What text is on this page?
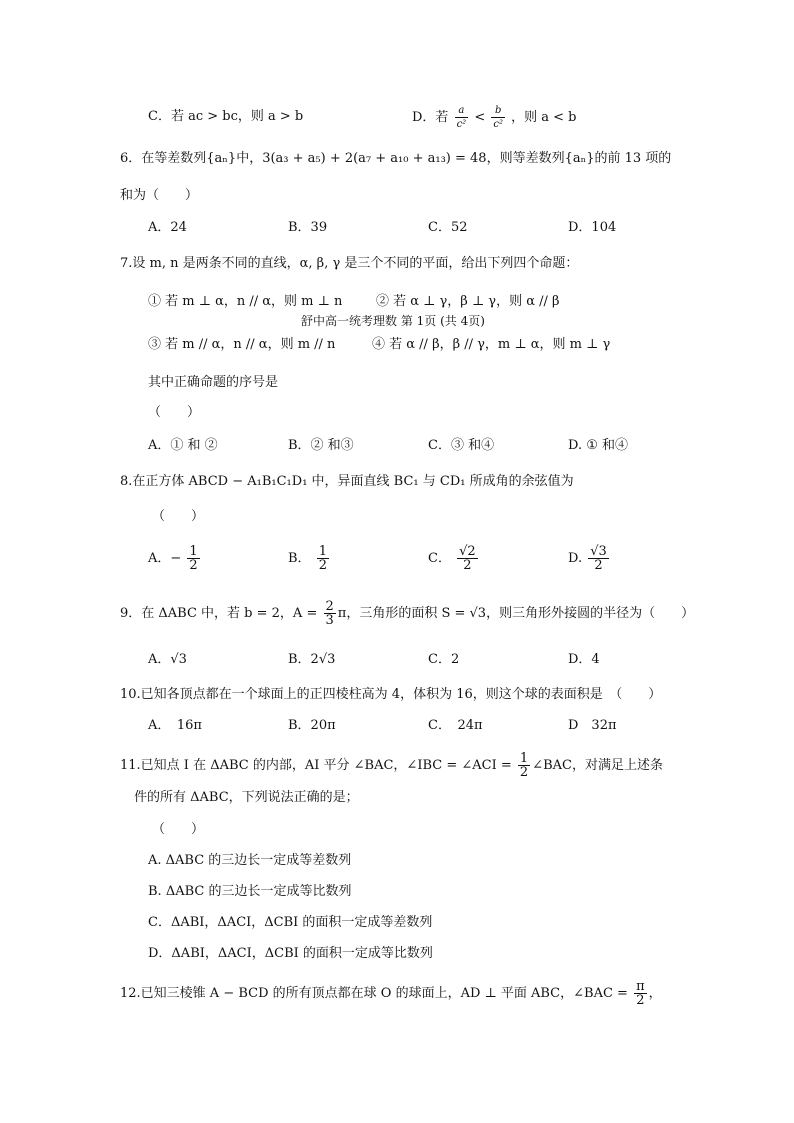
C．若 ac > bc，则 a > b	D．若 $\frac{a}{\text{c²}} < \frac{b}{\text{c²}}$ ，则 a < b
6．在等差数列{aₙ}中，3(a₃ + a₅) + 2(a₇ + a₁₀ + a₁₃) = 48，则等差数列{aₙ}的前 13 项的
和为（　　）
A．24	B．39	C．52	D．104
7.设 m, n 是两条不同的直线，α, β, γ 是三个不同的平面，给出下列四个命题：
① 若 m ⊥ α，n // α，则 m ⊥ n	② 若 α ⊥ γ，β ⊥ γ，则 α // β
舒中高一统考理数 第 1页 (共 4页)
③ 若 m // α，n // α，则 m // n	④ 若 α // β，β // γ，m ⊥ α，则 m ⊥ γ
其中正确命题的序号是
（　　）
A．① 和 ②	B．② 和③	C．③ 和④	D. ① 和④
8.在正方体 ABCD − A₁B₁C₁D₁ 中，异面直线 BC₁ 与 CD₁ 所成角的余弦值为
（　　）
A．− $\frac{1}{2}$	B． $\frac{1}{2}$	C． $\frac{√2}{2}$	D. $\frac{√3}{2}$
9．在 ΔABC 中，若 b = 2，$A = \frac{2}{3}$ π，三角形的面积 S = √3，则三角形外接圆的半径为（　　）
A．√3	B．2√3	C．2	D．4
10.已知各顶点都在一个球面上的正四棱柱高为 4，体积为 16，则这个球的表面积是　（　　）
A．　16π	B．20π	C．　24π	D　32π
11.已知点 I 在 ΔABC 的内部，AI 平分 ∠BAC，∠IBC = ∠ACI = $\frac{1}{2}$ ∠BAC，对满足上述条
件的所有 ΔABC，下列说法正确的是；
（　　）
A. ΔABC 的三边长一定成等差数列
B. ΔABC 的三边长一定成等比数列
C．ΔABI，ΔACI，ΔCBI 的面积一定成等差数列
D．ΔABI，ΔACI，ΔCBI 的面积一定成等比数列
12.已知三棱锥 A − BCD 的所有顶点都在球 O 的球面上，AD ⊥ 平面 ABC，∠BAC = $\frac{\pi}{2}$ ，
